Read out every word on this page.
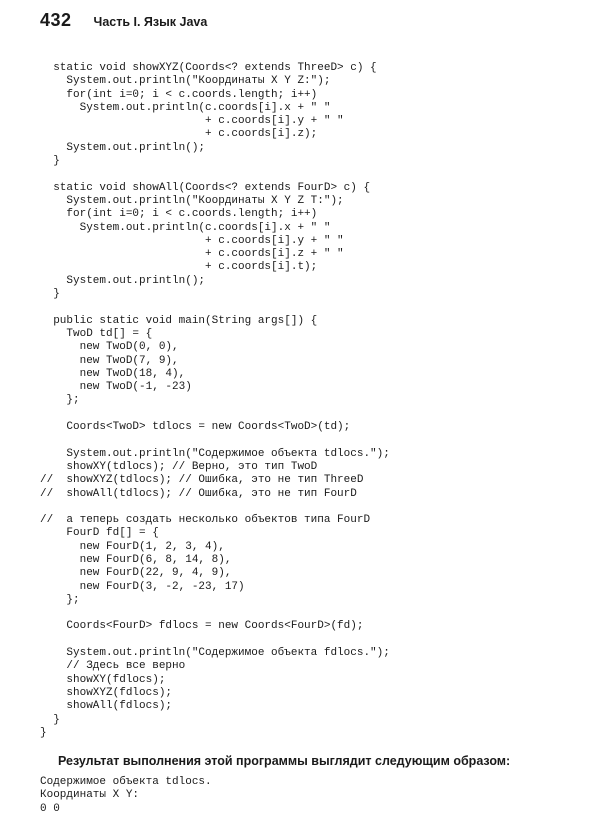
432 Часть I. Язык Java
static void showXYZ(Coords<? extends ThreeD> c) {
System.out.println("Координаты X Y Z:");
for(int i=0; i < c.coords.length; i++)
System.out.println(c.coords[i].x + " "
+ c.coords[i].y + " "
+ c.coords[i].z);
System.out.println();
}

static void showAll(Coords<? extends FourD> c) {
System.out.println("Координаты X Y Z T:");
for(int i=0; i < c.coords.length; i++)
System.out.println(c.coords[i].x + " "
+ c.coords[i].y + " "
+ c.coords[i].z + " "
+ c.coords[i].t);
System.out.println();
}

public static void main(String args[]) {
TwoD td[] = {
new TwoD(0, 0),
new TwoD(7, 9),
new TwoD(18, 4),
new TwoD(-1, -23)
};

Coords<TwoD> tdlocs = new Coords<TwoD>(td);

System.out.println("Содержимое объекта tdlocs.");
showXY(tdlocs); // Верно, это тип TwoD
//  showXYZ(tdlocs); // Ошибка, это не тип ThreeD
//  showAll(tdlocs); // Ошибка, это не тип FourD

//  а теперь создать несколько объектов типа FourD
FourD fd[] = {
new FourD(1, 2, 3, 4),
new FourD(6, 8, 14, 8),
new FourD(22, 9, 4, 9),
new FourD(3, -2, -23, 17)
};

Coords<FourD> fdlocs = new Coords<FourD>(fd);

System.out.println("Содержимое объекта fdlocs.");
// Здесь все верно
showXY(fdlocs);
showXYZ(fdlocs);
showAll(fdlocs);
}
}

Результат выполнения этой программы выглядит следующим образом:

Содержимое объекта tdlocs.
Координаты X Y:
0 0
